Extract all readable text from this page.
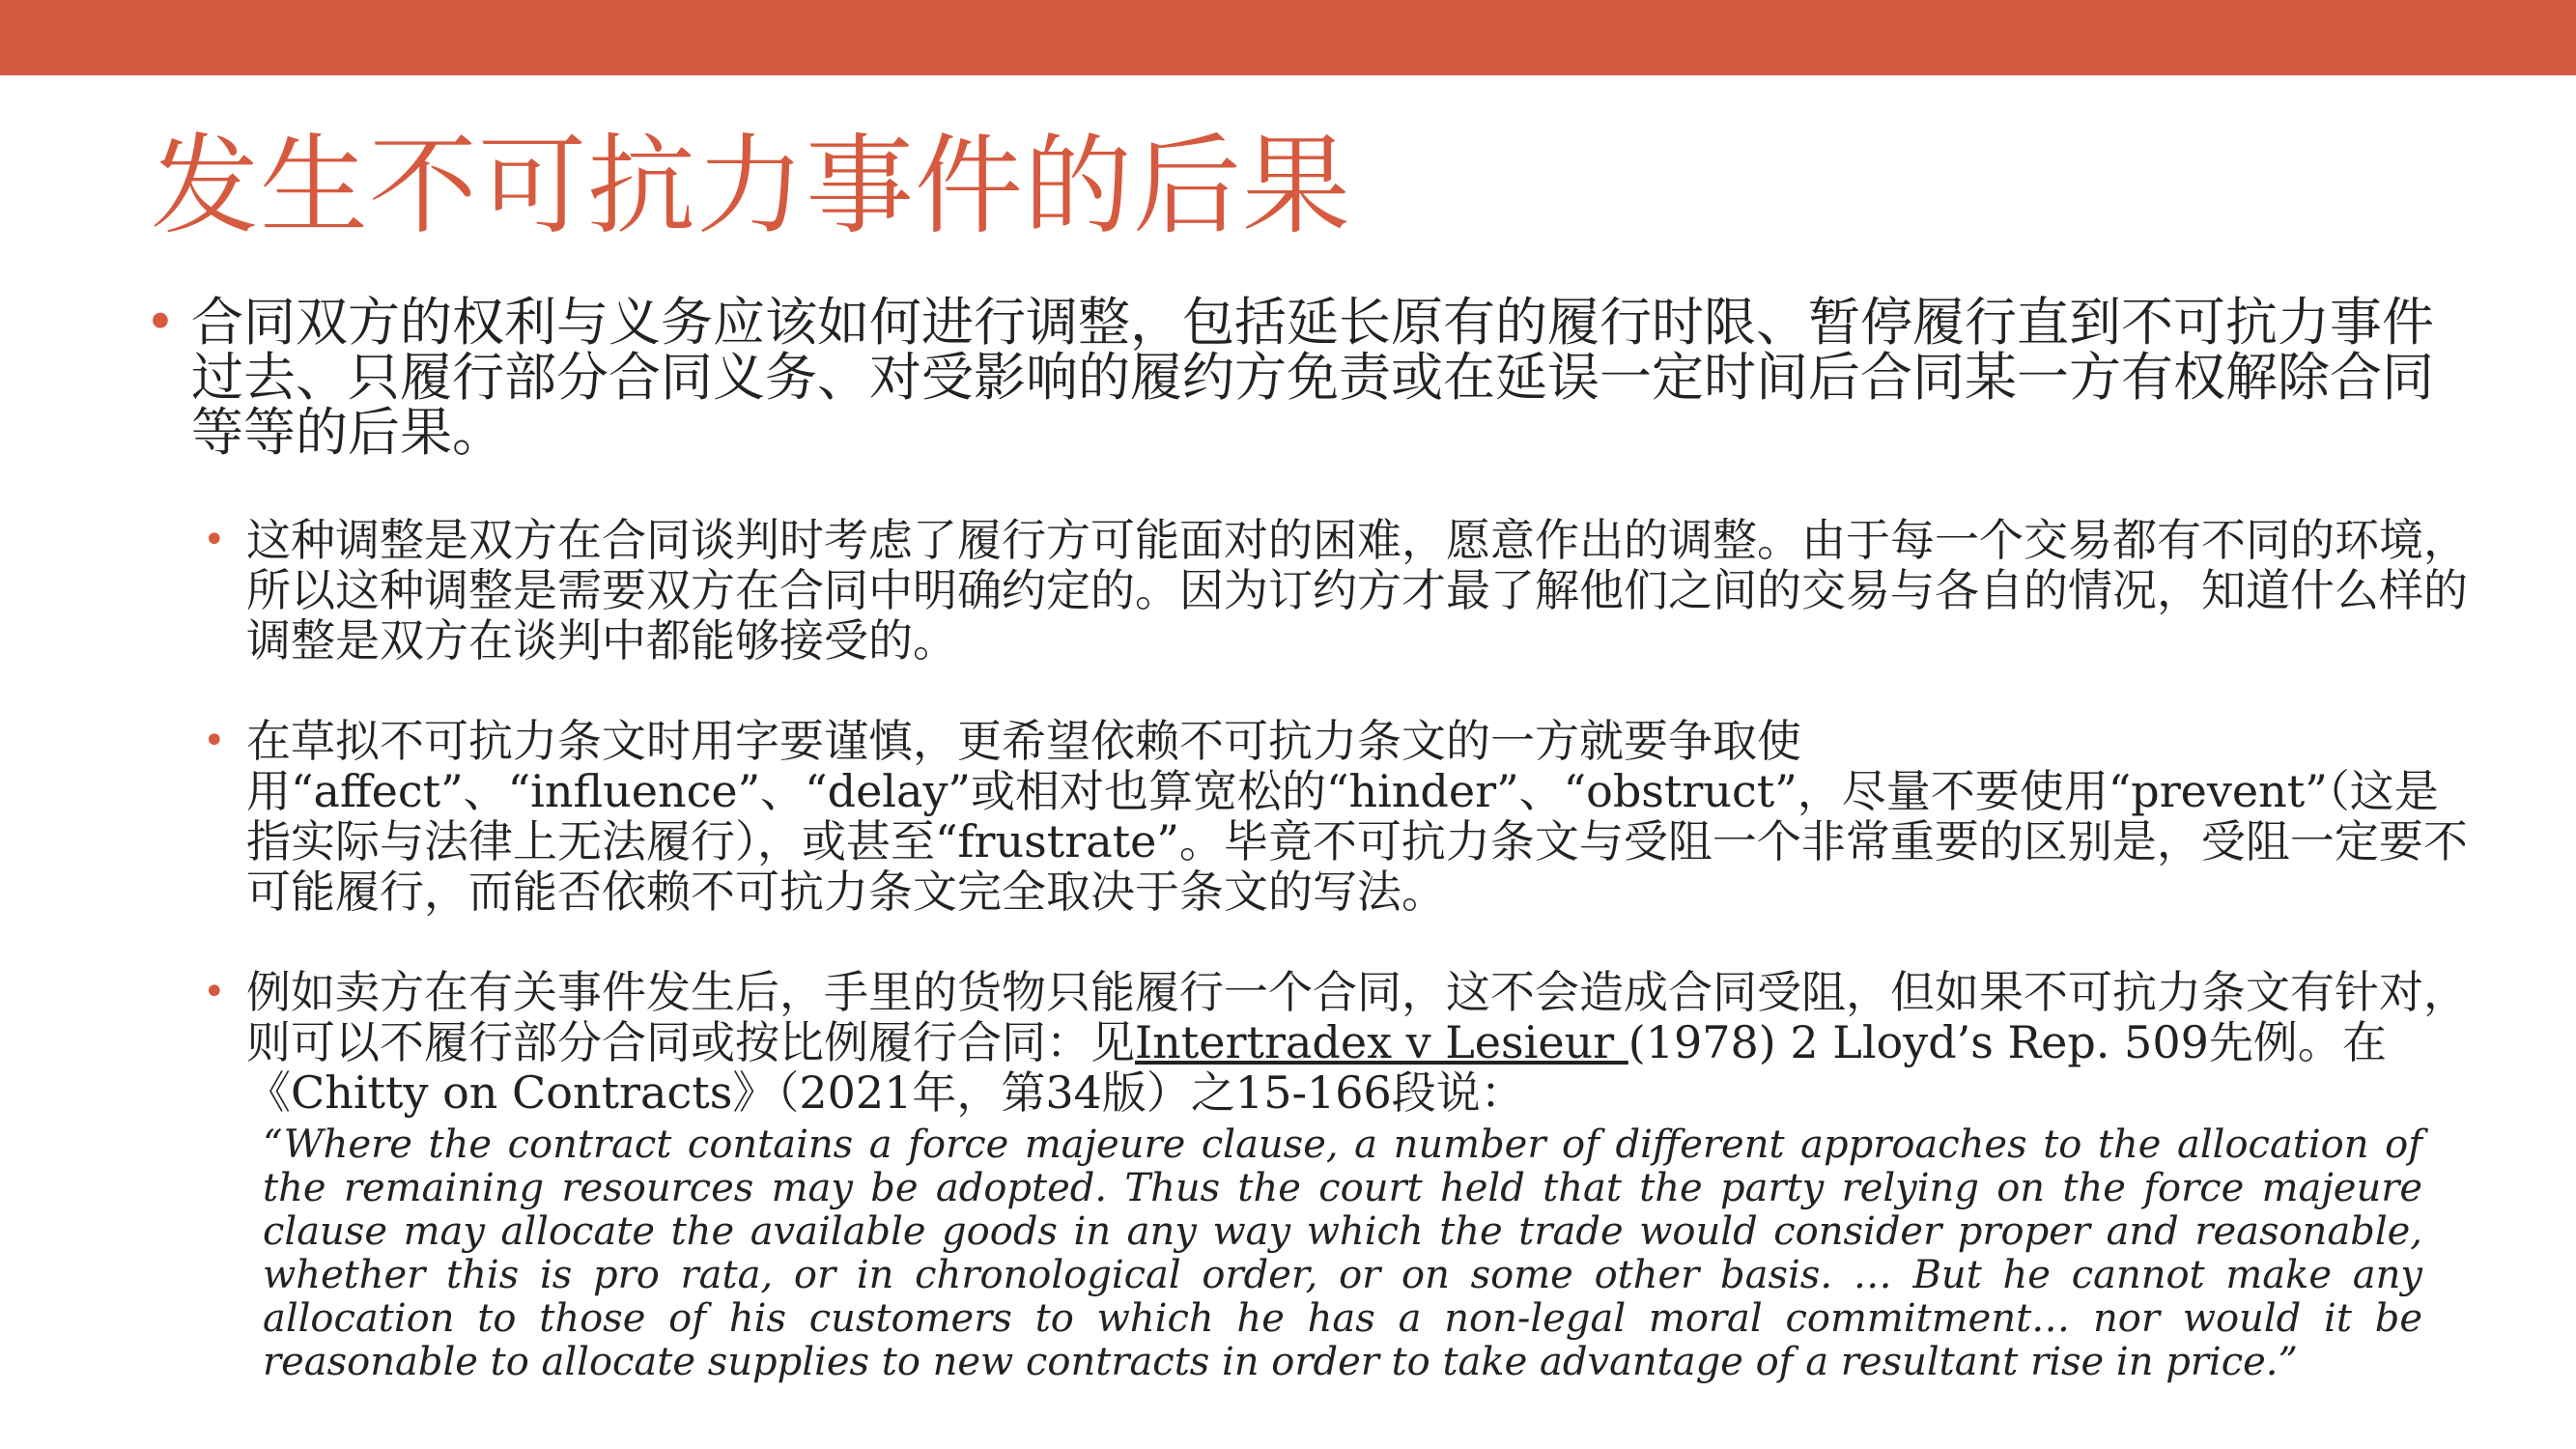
发生不可抗力事件的后果
• 合同双方的权利与义务应该如何进行调整，包括延长原有的履行时限、暂停履行直到不可抗力事件过去、只履行部分合同义务、对受影响的履约方免责或在延误一定时间后合同某一方有权解除合同等等的后果。
• 这种调整是双方在合同谈判时考虑了履行方可能面对的困难，愿意作出的调整。由于每一个交易都有不同的环境，所以这种调整是需要双方在合同中明确约定的。因为订约方才最了解他们之间的交易与各自的情况，知道什么样的调整是双方在谈判中都能够接受的。
• 在草拟不可抗力条文时用字要谨慎，更希望依赖不可抗力条文的一方就要争取使用“affect”、“influence”、“delay”或相对也算宽松的“hinder”、“obstruct”，尽量不要使用“prevent”（这是指实际与法律上无法履行），或甚至“frustrate”。毕竟不可抗力条文与受阻一个非常重要的区别是，受阻一定要不可能履行，而能否依赖不可抗力条文完全取决于条文的写法。
• 例如卖方在有关事件发生后，手里的货物只能履行一个合同，这不会造成合同受阻，但如果不可抗力条文有针对，则可以不履行部分合同或按比例履行合同：见Intertradex v Lesieur (1978) 2 Lloyd’s Rep. 509先例。在《Chitty on Contracts》（2021年，第34版）之15-166段说：
“Where the contract contains a force majeure clause, a number of different approaches to the allocation of the remaining resources may be adopted. Thus the court held that the party relying on the force majeure clause may allocate the available goods in any way which the trade would consider proper and reasonable, whether this is pro rata, or in chronological order, or on some other basis. … But he cannot make any allocation to those of his customers to which he has a non-legal moral commitment… nor would it be reasonable to allocate supplies to new contracts in order to take advantage of a resultant rise in price.”
